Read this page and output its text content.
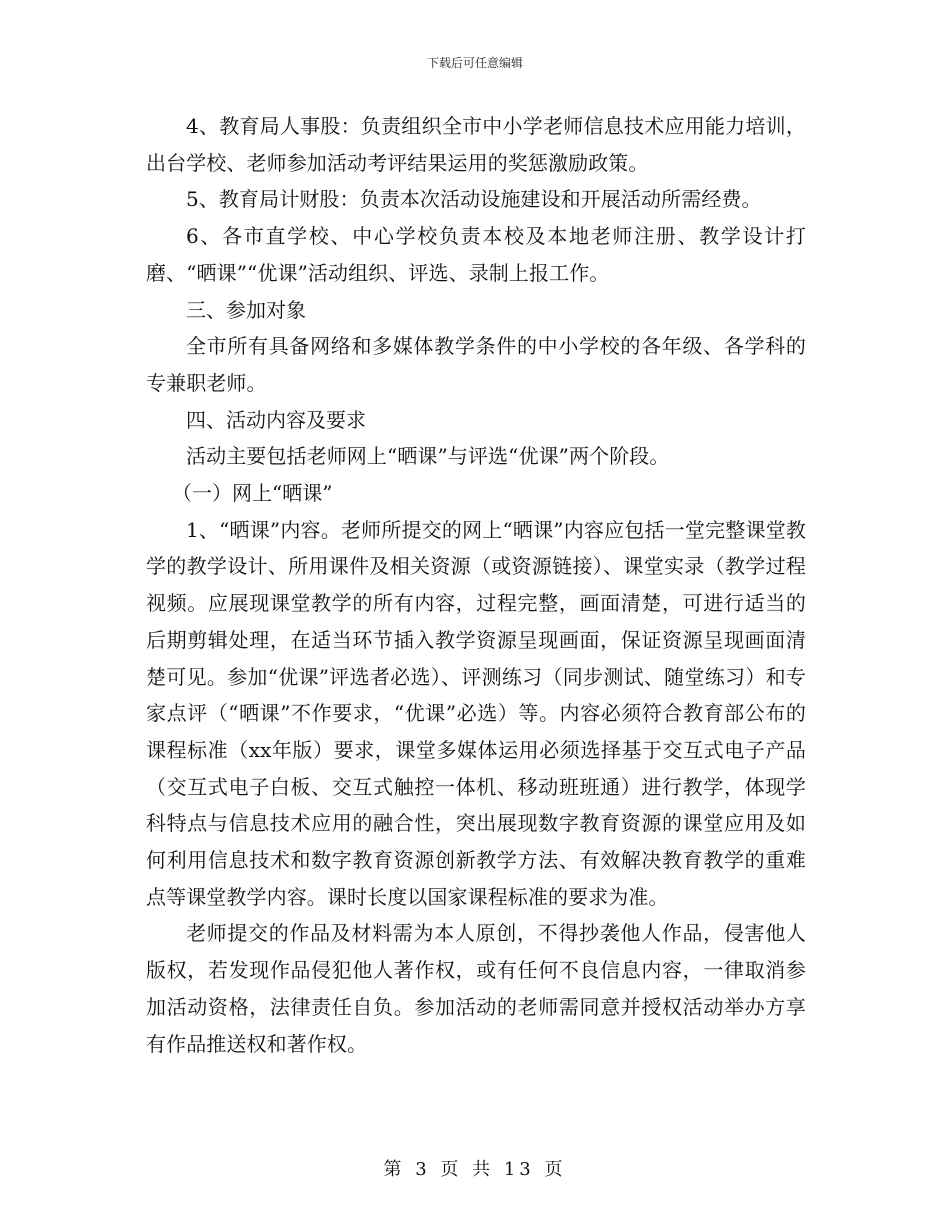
下载后可任意编辑

4、教育局人事股：负责组织全市中小学老师信息技术应用能力培训，出台学校、老师参加活动考评结果运用的奖惩激励政策。

5、教育局计财股：负责本次活动设施建设和开展活动所需经费。

6、各市直学校、中心学校负责本校及本地老师注册、教学设计打磨、“晒课”“优课”活动组织、评选、录制上报工作。

三、参加对象

全市所有具备网络和多媒体教学条件的中小学校的各年级、各学科的专兼职老师。

四、活动内容及要求

活动主要包括老师网上“晒课”与评选“优课”两个阶段。

（一）网上“晒课”

1、“晒课”内容。老师所提交的网上“晒课”内容应包括一堂完整课堂教学的教学设计、所用课件及相关资源（或资源链接）、课堂实录（教学过程视频。应展现课堂教学的所有内容，过程完整，画面清楚，可进行适当的后期剪辑处理，在适当环节插入教学资源呈现画面，保证资源呈现画面清楚可见。参加“优课”评选者必选）、评测练习（同步测试、随堂练习）和专家点评（“晒课”不作要求，“优课”必选）等。内容必须符合教育部公布的课程标准（xx年版）要求，课堂多媒体运用必须选择基于交互式电子产品（交互式电子白板、交互式触控一体机、移动班班通）进行教学，体现学科特点与信息技术应用的融合性，突出展现数字教育资源的课堂应用及如何利用信息技术和数字教育资源创新教学方法、有效解决教育教学的重难点等课堂教学内容。课时长度以国家课程标准的要求为准。

老师提交的作品及材料需为本人原创，不得抄袭他人作品，侵害他人版权，若发现作品侵犯他人著作权，或有任何不良信息内容，一律取消参加活动资格，法律责任自负。参加活动的老师需同意并授权活动举办方享有作品推送权和著作权。

第 3 页 共 13 页
